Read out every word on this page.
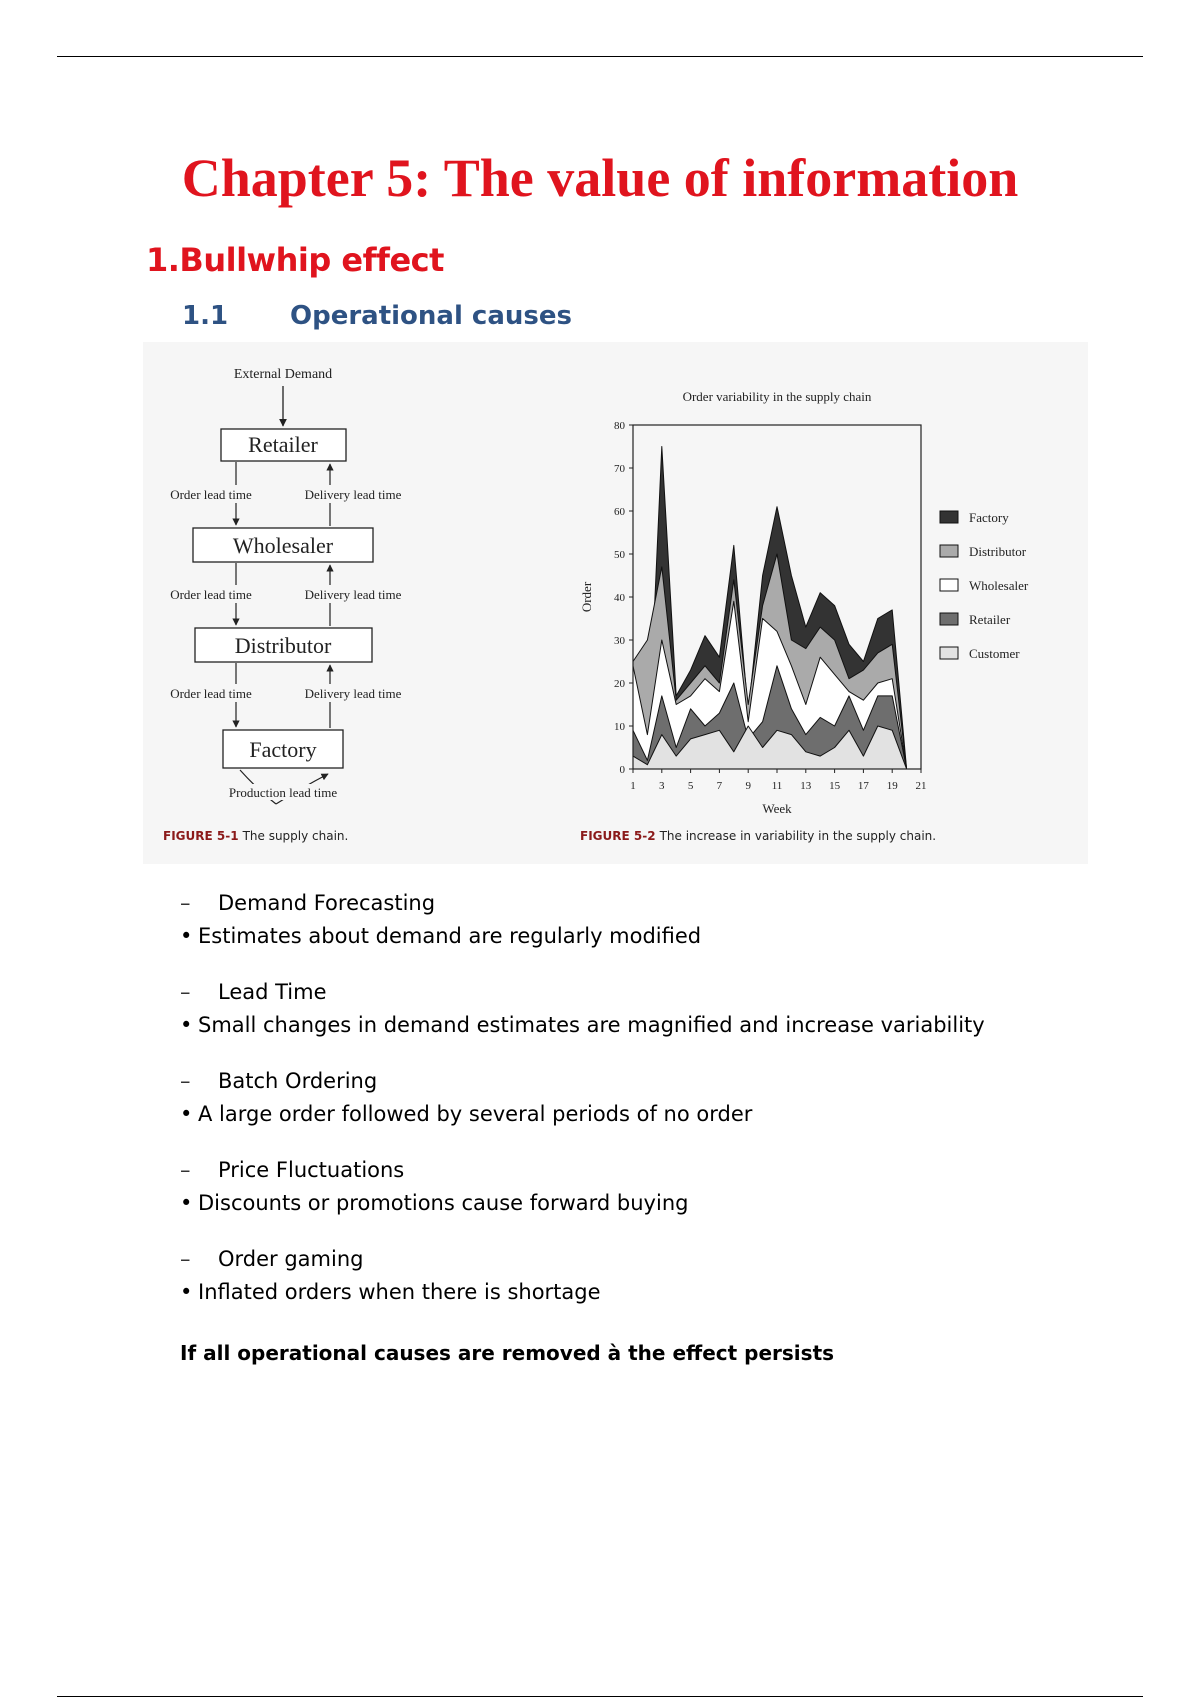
Chapter 5: The value of information
1.Bullwhip effect
1.1 Operational causes
External Demand
Retailer
Wholesaler
Distributor
Factory
Order lead time	Delivery lead time
Order lead time	Delivery lead time
Order lead time	Delivery lead time
Production lead time
FIGURE 5-1 The supply chain.
Order variability in the supply chain
0
10
20
30
40
50
60
70
80
1 3 5 7 9 11 13 15 17 19 21
Week
Order
Factory
Distributor
Wholesaler
Retailer
Customer
FIGURE 5-2 The increase in variability in the supply chain.
– Demand Forecasting
• Estimates about demand are regularly modified
– Lead Time
• Small changes in demand estimates are magnified and increase variability
– Batch Ordering
• A large order followed by several periods of no order
– Price Fluctuations
• Discounts or promotions cause forward buying
– Order gaming
• Inflated orders when there is shortage
If all operational causes are removed à the effect persists
